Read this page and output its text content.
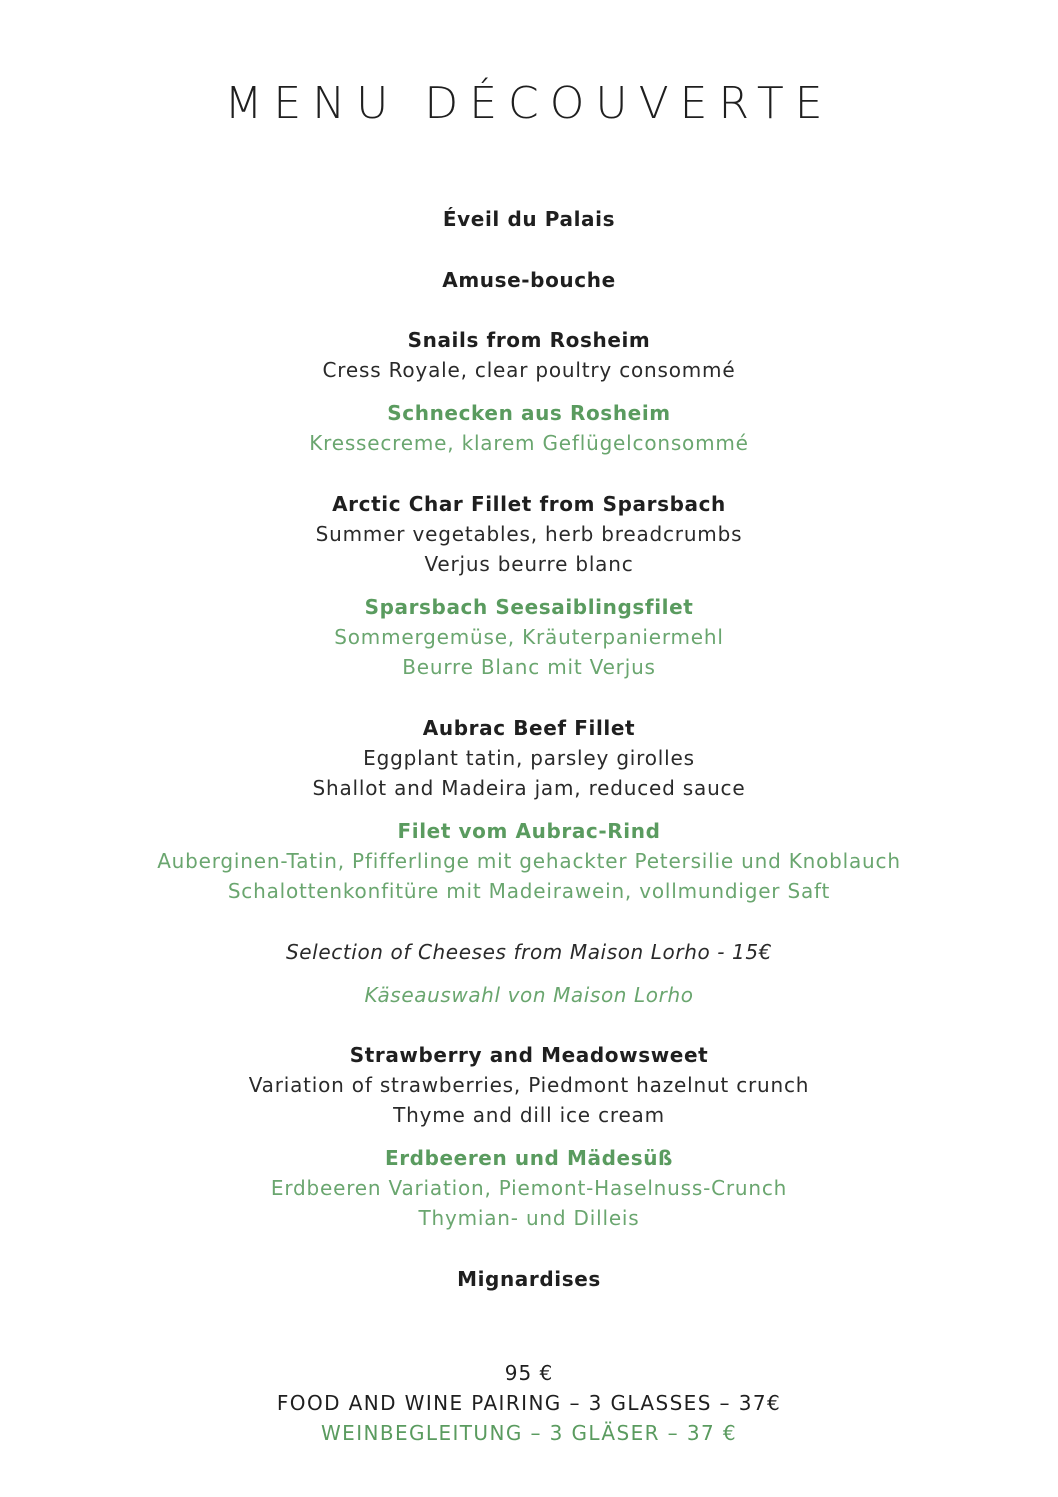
MENU DÉCOUVERTE
Éveil du Palais
Amuse-bouche
Snails from Rosheim
Cress Royale, clear poultry consommé
Schnecken aus Rosheim
Kressecreme, klarem Geflügelconsommé
Arctic Char Fillet from Sparsbach
Summer vegetables, herb breadcrumbs
Verjus beurre blanc
Sparsbach Seesaiblingsfilet
Sommergemüse, Kräuterpaniermehl
Beurre Blanc mit Verjus
Aubrac Beef Fillet
Eggplant tatin, parsley girolles
Shallot and Madeira jam, reduced sauce
Filet vom Aubrac-Rind
Auberginen-Tatin, Pfifferlinge mit gehackter Petersilie und Knoblauch
Schalottenkonfitüre mit Madeirawein, vollmundiger Saft
Selection of Cheeses from Maison Lorho - 15€
Käseauswahl von Maison Lorho
Strawberry and Meadowsweet
Variation of strawberries, Piedmont hazelnut crunch
Thyme and dill ice cream
Erdbeeren und Mädesüß
Erdbeeren Variation, Piemont-Haselnuss-Crunch
Thymian- und Dilleis
Mignardises
95 €
FOOD AND WINE PAIRING – 3 GLASSES – 37€
WEINBEGLEITUNG – 3 GLÄSER – 37 €
